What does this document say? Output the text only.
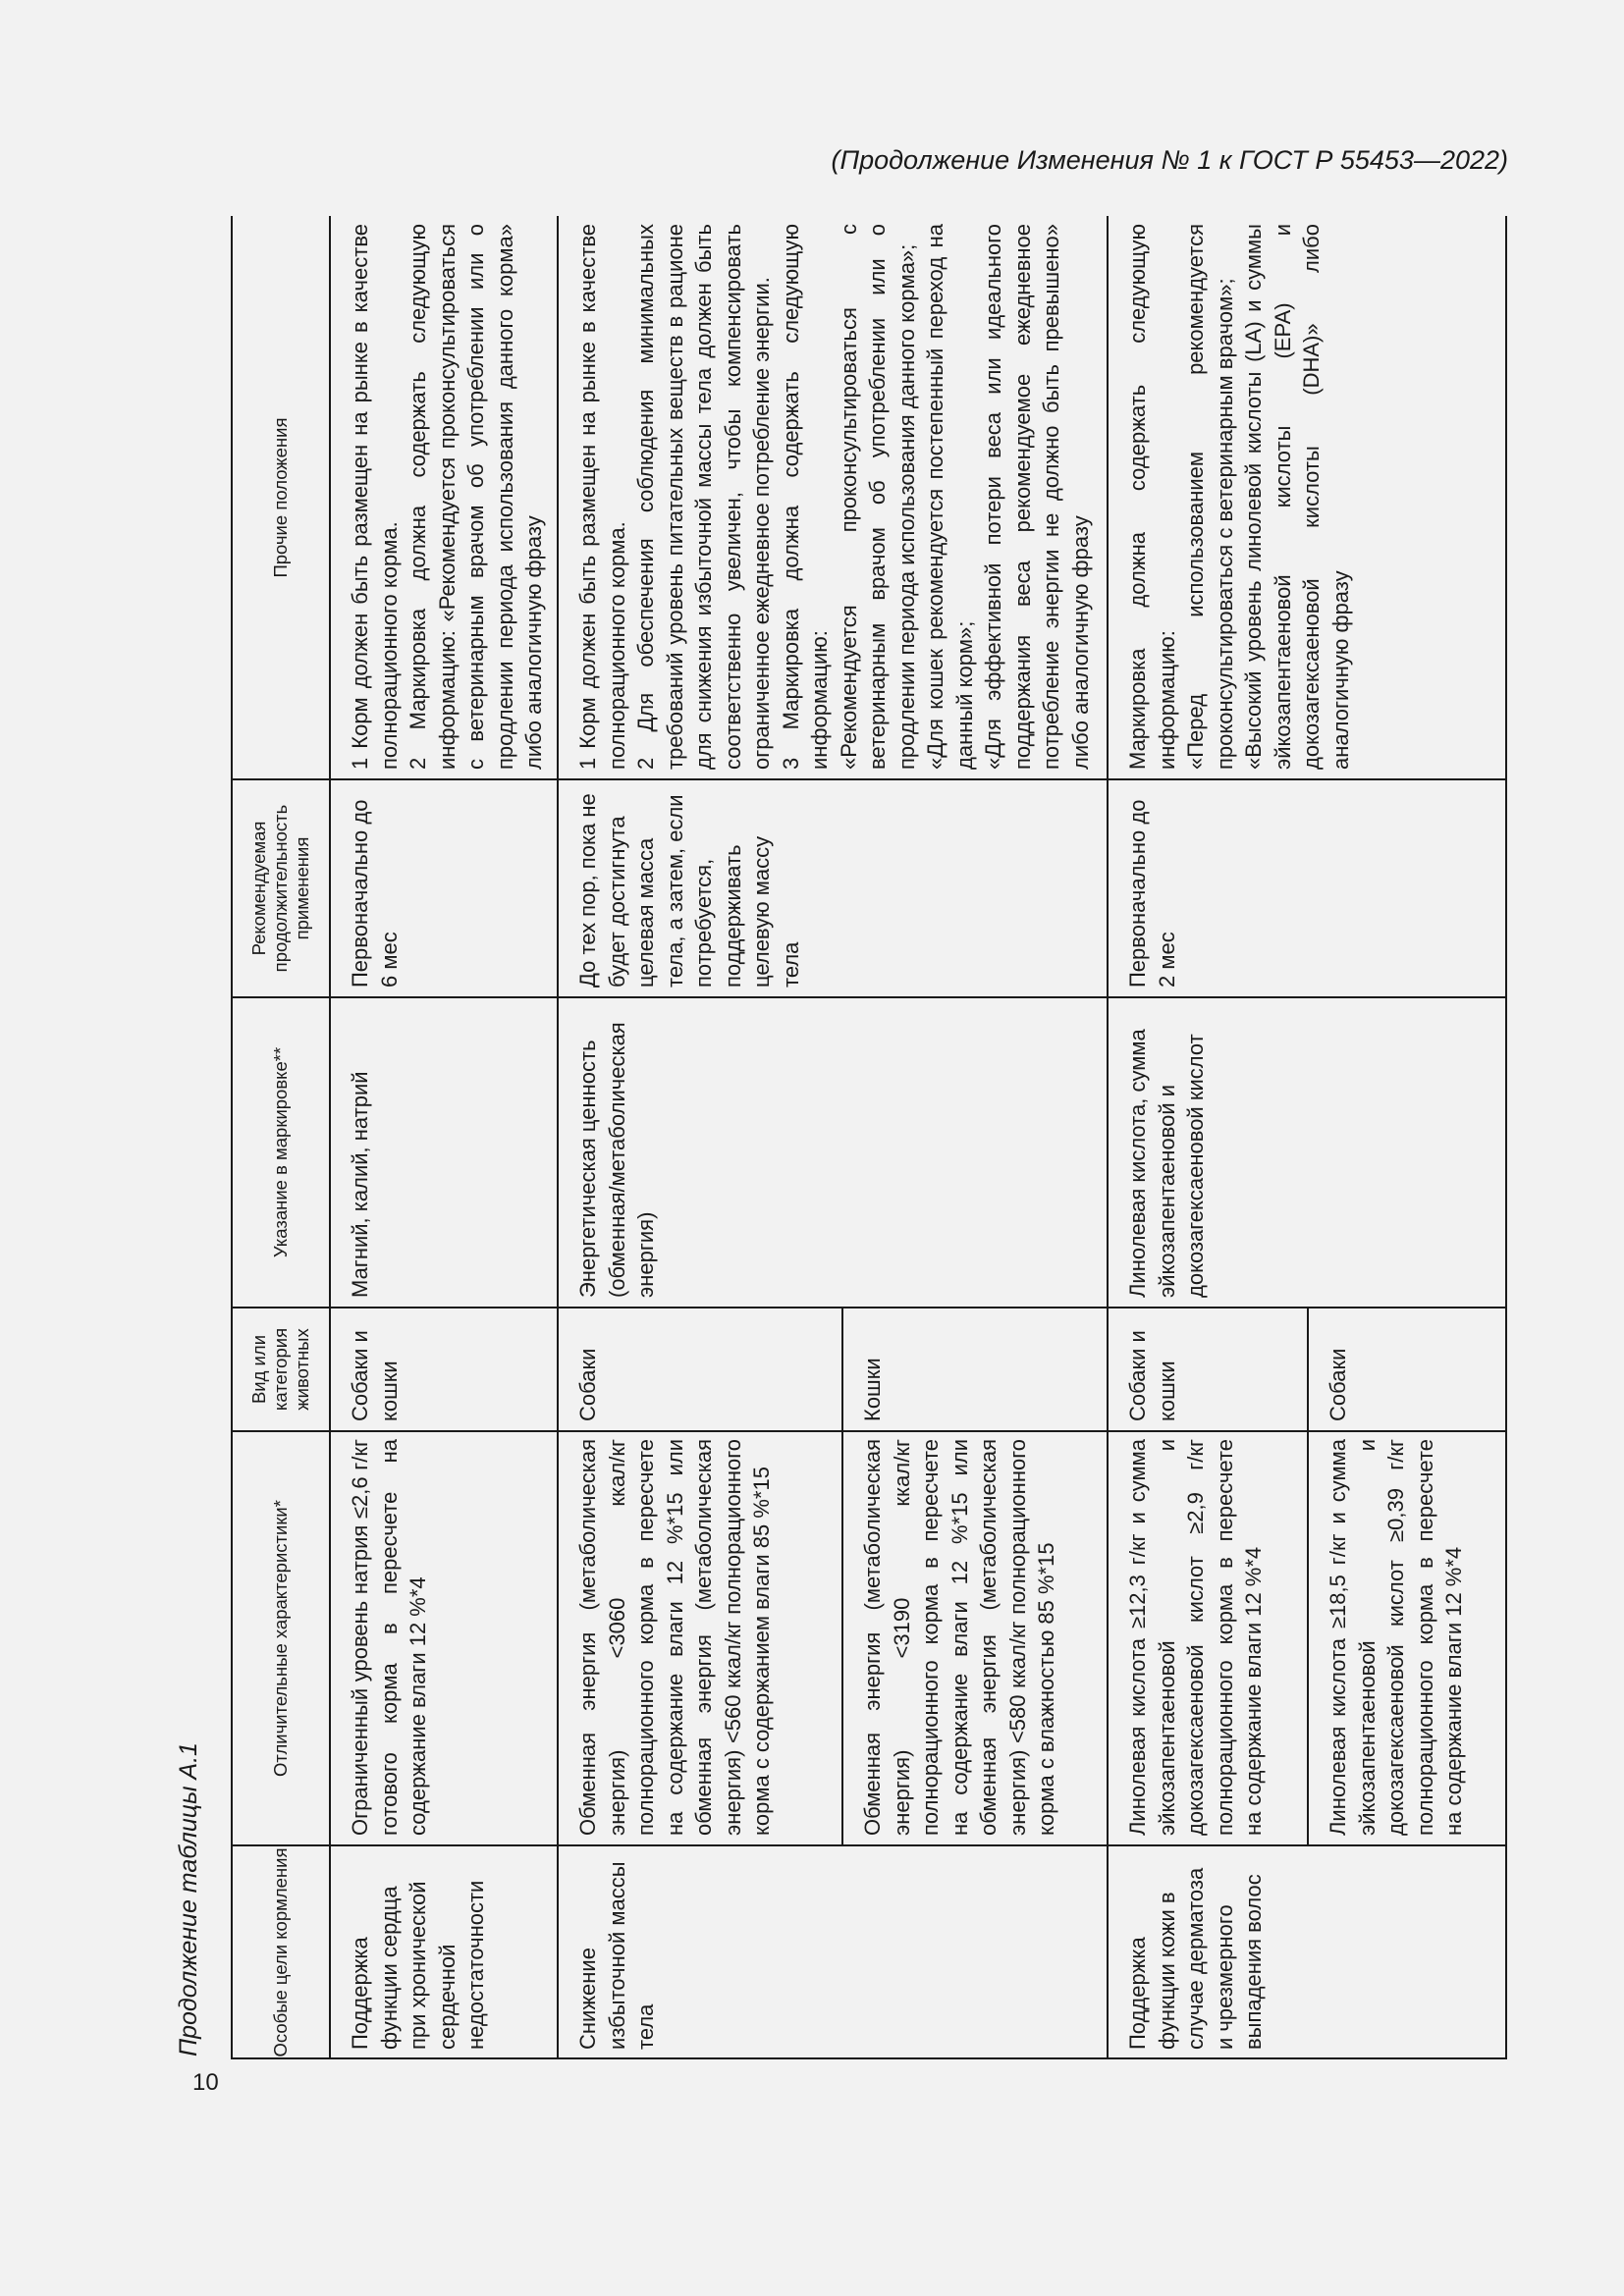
(Продолжение Изменения № 1 к ГОСТ Р 55453—2022)
10
Продолжение таблицы А.1	Особые цели кормления
Отличительные характеристики*
Вид или категория животных
Указание в маркировке**
Рекомендуемая продолжительность применения
Прочие положения
Поддержка функции сердца при хронической сердечной недостаточности
Ограниченный уровень натрия ≤2,6 г/кг готового корма в пересчете на содержание влаги 12 %*4
Собаки и кошки
Магний, калий, натрий
Первоначально до 6 мес
1 Корм должен быть размещен на рынке в качестве полнорационного корма.
2 Маркировка должна содержать следующую информацию: «Рекомендуется проконсультироваться с ветеринарным врачом об употреблении или о продлении периода использования данного корма» либо аналогичную фразу
Снижение избыточной массы тела
Обменная энергия (метаболическая энергия) <3060 ккал/кг полнорационного корма в пересчете на содержание влаги 12 %*15 или обменная энергия (метаболическая энергия) <560 ккал/кг полнорационного корма с содержанием влаги 85 %*15
Собаки
Обменная энергия (метаболическая энергия) <3190 ккал/кг полнорационного корма в пересчете на содержание влаги 12 %*15 или обменная энергия (метаболическая энергия) <580 ккал/кг полнорационного корма с влажностью 85 %*15
Кошки
Энергетическая ценность (обменная/метаболическая энергия)
До тех пор, пока не будет достигнута целевая масса тела, а затем, если потребуется, поддерживать целевую массу тела
1 Корм должен быть размещен на рынке в качестве полнорационного корма.
2 Для обеспечения соблюдения минимальных требований уровень питательных веществ в рационе для снижения избыточной массы тела должен быть соответственно увеличен, чтобы компенсировать ограниченное ежедневное потребление энергии.
3 Маркировка должна содержать следующую информацию:
«Рекомендуется проконсультироваться с ветеринарным врачом об употреблении или о продлении периода использования данного корма»;
«Для кошек рекомендуется постепенный переход на данный корм»;
«Для эффективной потери веса или идеального поддержания веса рекомендуемое ежедневное потребление энергии не должно быть превышено» либо аналогичную фразу
Поддержка функции кожи в случае дерматоза и чрезмерного выпадения волос
Линолевая кислота ≥12,3 г/кг и сумма эйкозапентаеновой и докозагексаеновой кислот ≥2,9 г/кг полнорационного корма в пересчете на содержание влаги 12 %*4
Собаки и кошки
Линолевая кислота ≥18,5 г/кг и сумма эйкозапентаеновой и докозагексаеновой кислот ≥0,39 г/кг полнорационного корма в пересчете на содержание влаги 12 %*4
Собаки
Линолевая кислота, сумма эйкозапентаеновой и докозагексаеновой кислот
Первоначально до 2 мес
Маркировка должна содержать следующую информацию:
«Перед использованием рекомендуется проконсультироваться с ветеринарным врачом»;
«Высокий уровень линолевой кислоты (LA) и суммы эйкозапентаеновой кислоты (EPA) и докозагексаеновой кислоты (DHA)» либо аналогичную фразу
